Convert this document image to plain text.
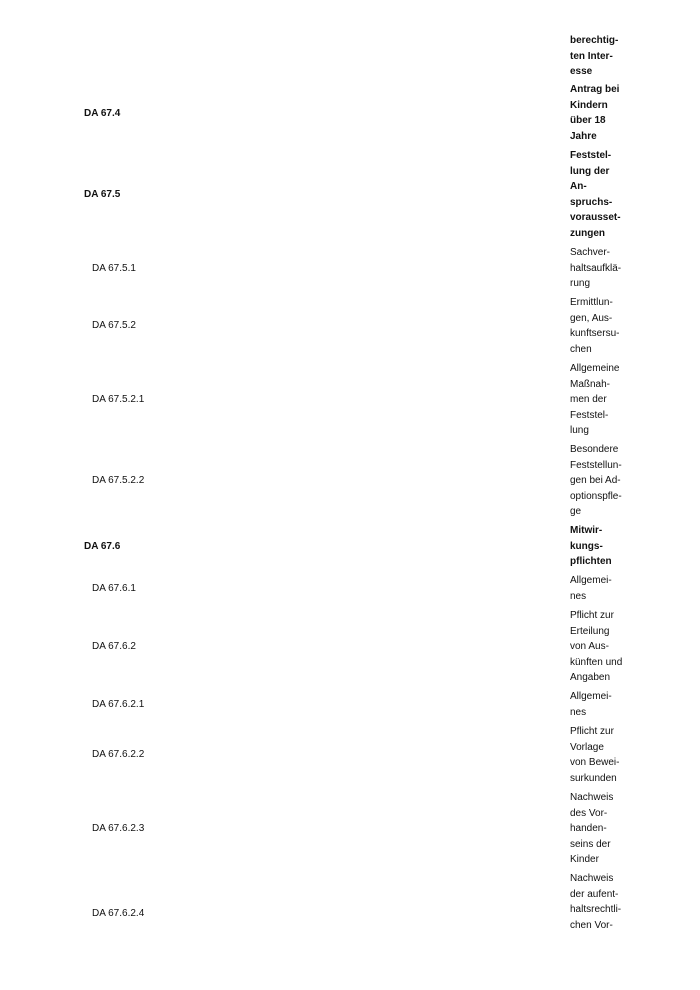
berechtig-
ten Inter-
esse
DA 67.4
Antrag bei
Kindern
über 18
Jahre
DA 67.5
Feststel-
lung der
An-
spruchs-
vorausset-
zungen
DA 67.5.1
Sachver-
haltsaufklä-
rung
DA 67.5.2
Ermittlun-
gen, Aus-
kunftsersu-
chen
DA 67.5.2.1
Allgemeine
Maßnah-
men der
Feststel-
lung
DA 67.5.2.2
Besondere
Feststellun-
gen bei Ad-
optionspfle-
ge
DA 67.6
Mitwir-
kungs-
pflichten
DA 67.6.1
Allgemei-
nes
DA 67.6.2
Pflicht zur
Erteilung
von Aus-
künften und
Angaben
DA 67.6.2.1
Allgemei-
nes
DA 67.6.2.2
Pflicht zur
Vorlage
von Bewei-
surkunden
DA 67.6.2.3
Nachweis
des Vor-
handen-
seins der
Kinder
DA 67.6.2.4
Nachweis
der aufent-
haltsrechtli-
chen Vor-
